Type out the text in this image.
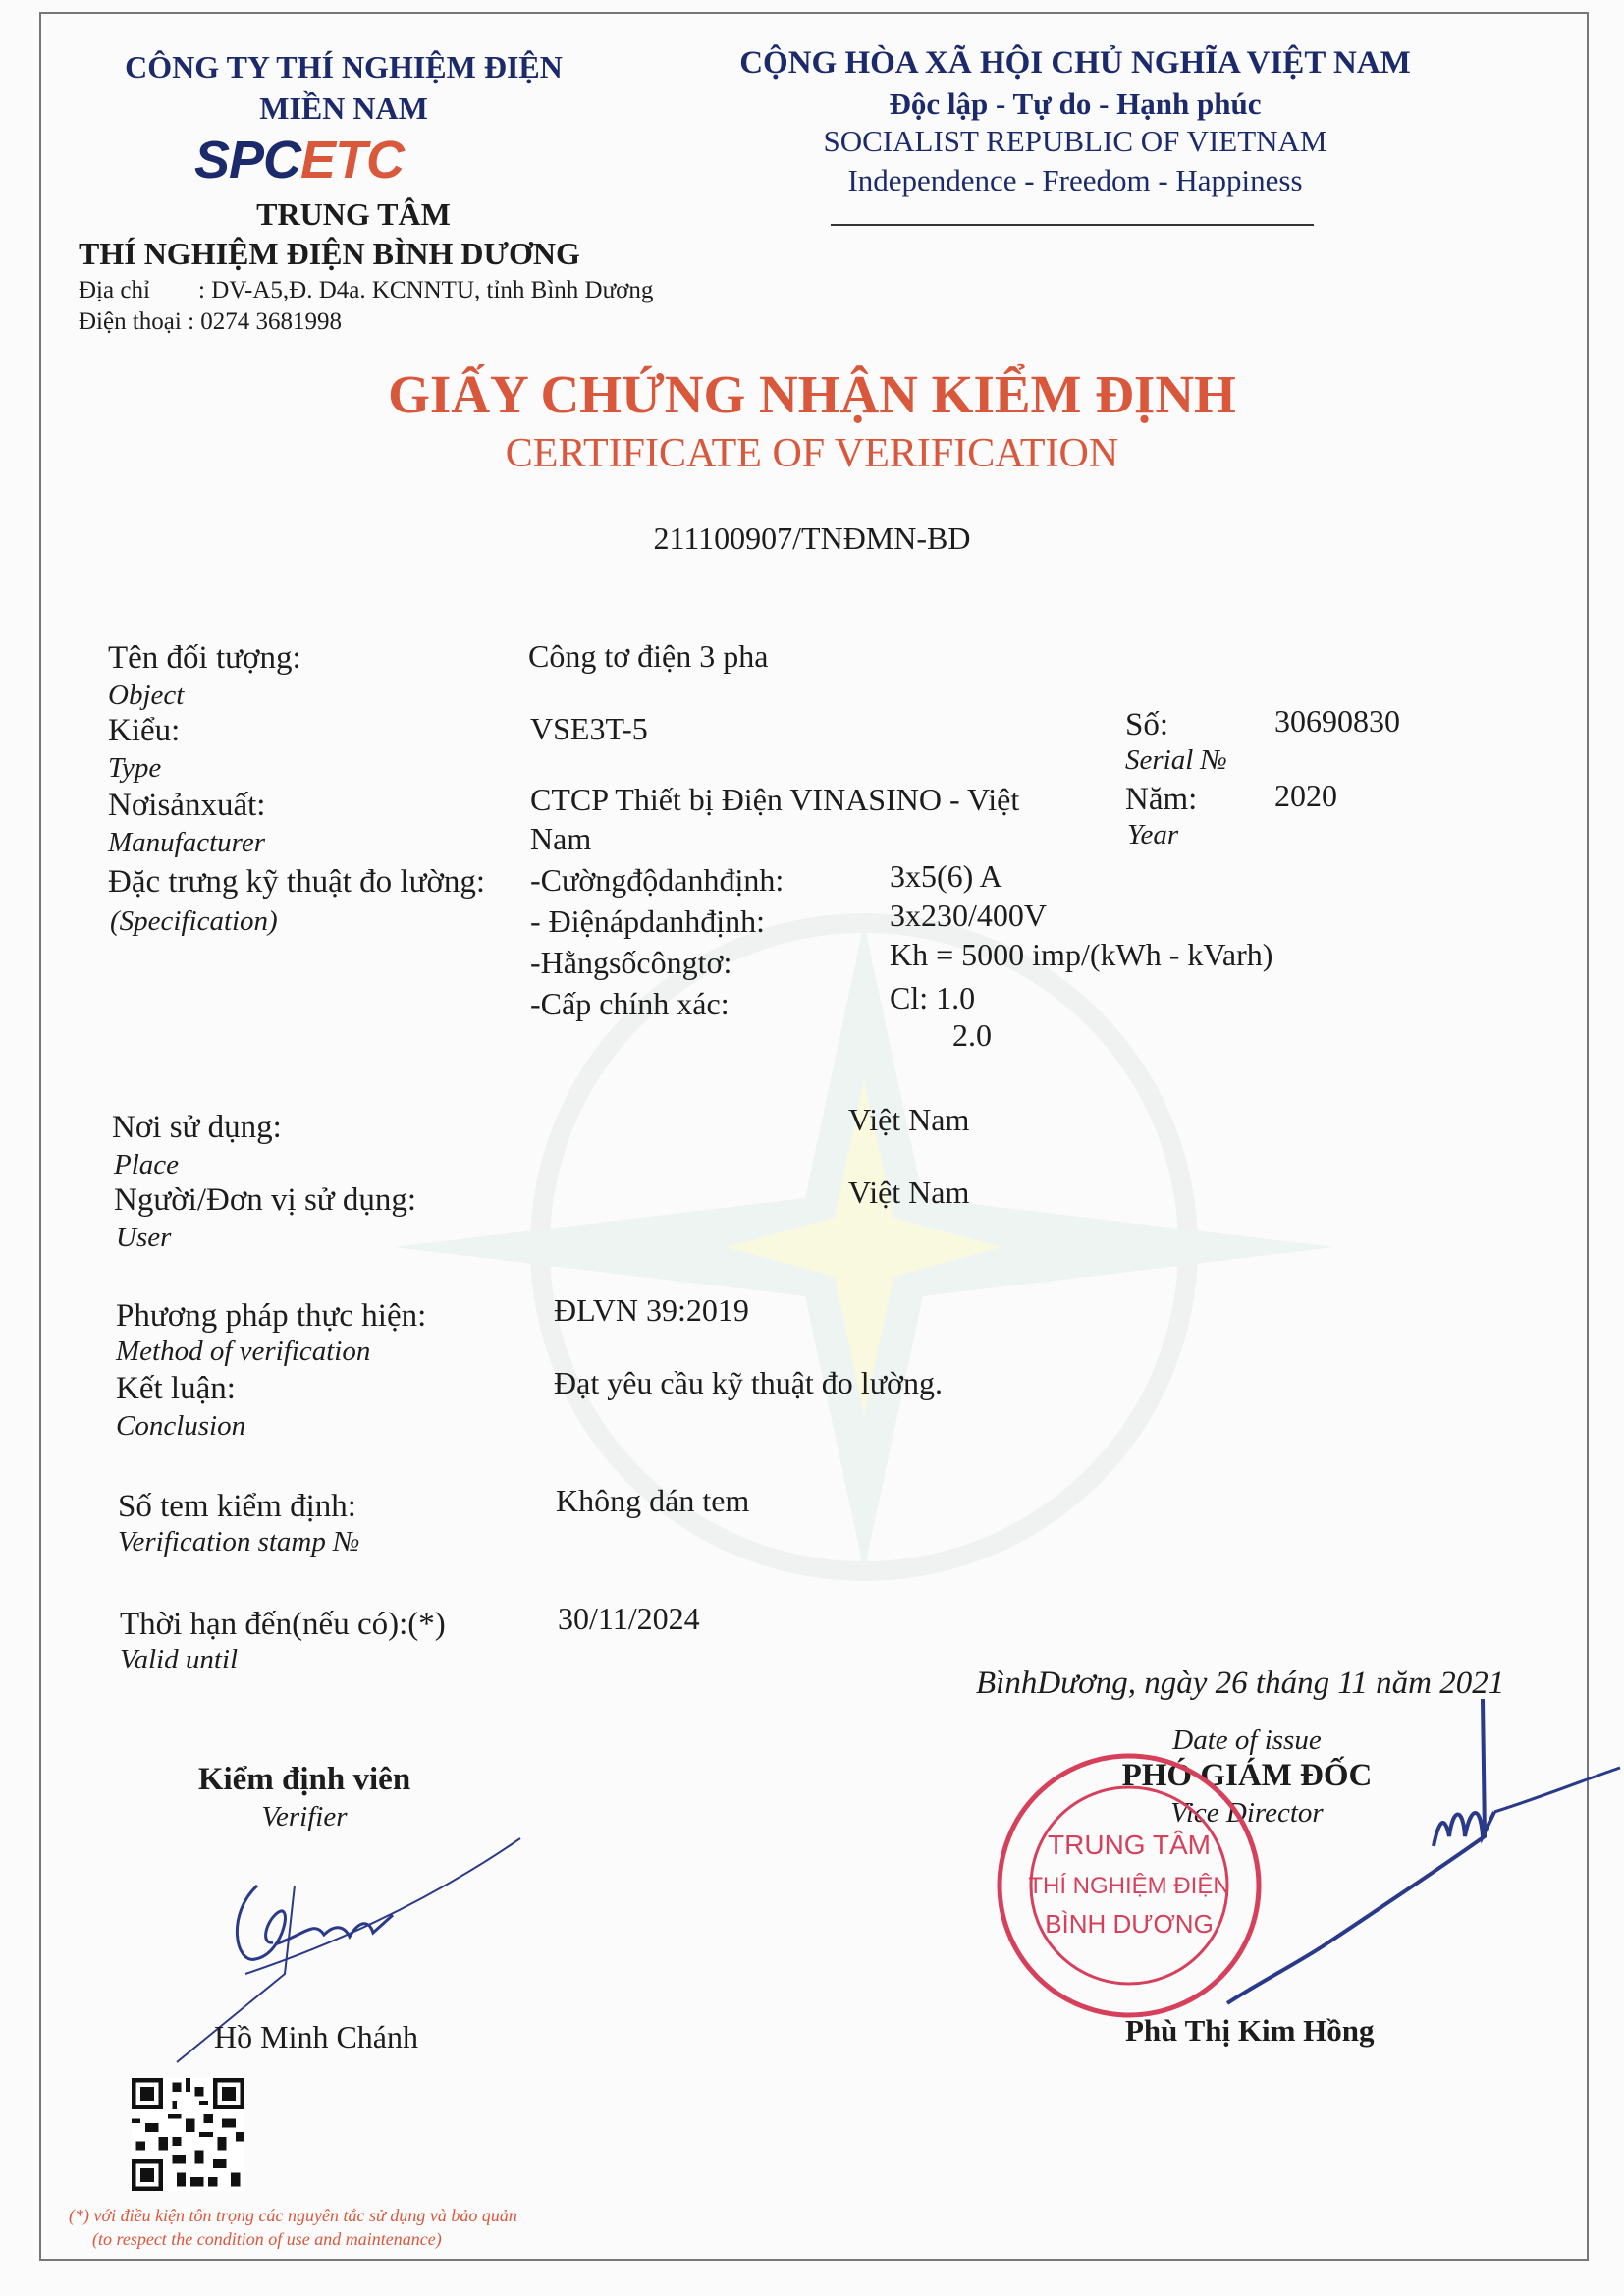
CÔNG TY THÍ NGHIỆM ĐIỆN
MIỀN NAM
SPCETC
TRUNG TÂM
THÍ NGHIỆM ĐIỆN BÌNH DƯƠNG
Địa chỉ : DV-A5,Đ. D4a. KCNNTU, tỉnh Bình Dương
Điện thoại : 0274 3681998
CỘNG HÒA XÃ HỘI CHỦ NGHĨA VIỆT NAM
Độc lập - Tự do - Hạnh phúc
SOCIALIST REPUBLIC OF VIETNAM
Independence - Freedom - Happiness
GIẤY CHỨNG NHẬN KIỂM ĐỊNH
CERTIFICATE OF VERIFICATION
211100907/TNĐMN-BD
Tên đối tượng:
Object
Công tơ điện 3 pha
Kiểu:
Type
VSE3T-5	Số:
Serial №
30690830
Nơisảnxuất:
Manufacturer
CTCP Thiết bị Điện VINASINO - Việt
Nam
Năm:
Year
2020
Đặc trưng kỹ thuật đo lường:
(Specification)
-Cườngđộdanhđịnh:	3x5(6) A
- Điệnápdanhđịnh:	3x230/400V
-Hằngsốcôngtơ:	Kh = 5000 imp/(kWh - kVarh)
-Cấp chính xác:	Cl: 1.0
2.0
Nơi sử dụng:
Place
Việt Nam
Người/Đơn vị sử dụng:
User
Việt Nam
Phương pháp thực hiện:
Method of verification
ĐLVN 39:2019
Kết luận:
Conclusion
Đạt yêu cầu kỹ thuật đo lường.
Số tem kiểm định:
Verification stamp №
Không dán tem
Thời hạn đến(nếu có):(*)
Valid until
30/11/2024
BìnhDương, ngày 26 tháng 11 năm 2021
Date of issue
PHÓ GIÁM ĐỐC
Vice Director
Phù Thị Kim Hồng
TRUNG TÂM
THÍ NGHIỆM ĐIỆN
BÌNH DƯƠNG
Kiểm định viên
Verifier
Hồ Minh Chánh
(*) với điều kiện tôn trọng các nguyên tắc sử dụng và bảo quản
(to respect the condition of use and maintenance)
